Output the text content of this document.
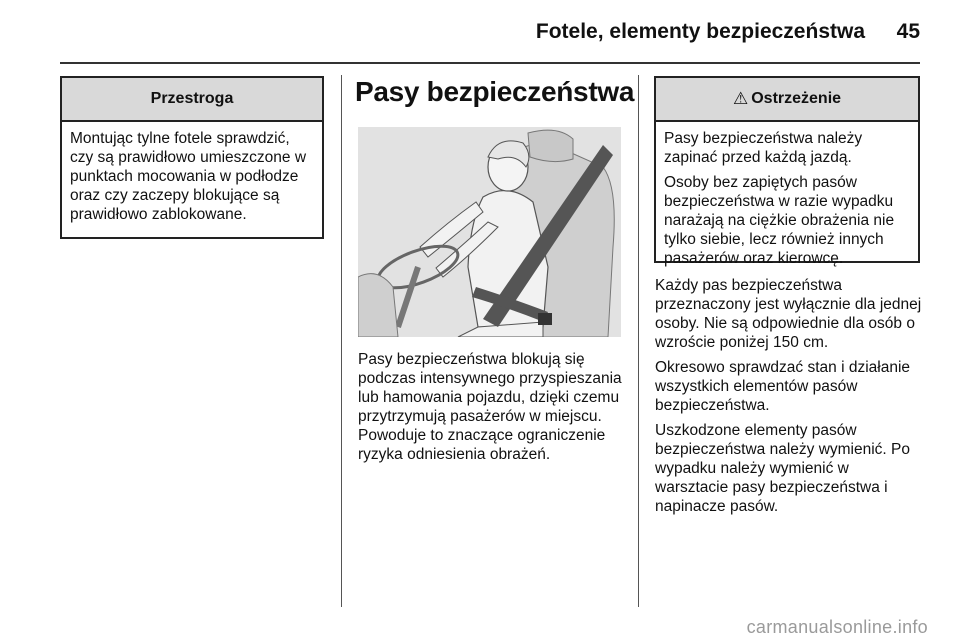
Fotele, elementy bezpieczeństwa	45
Przestroga

Montując tylne fotele sprawdzić, czy są prawidłowo umieszczone w punktach mocowania w podłodze oraz czy zaczepy blokujące są prawidłowo zablokowane.

Pasy bezpieczeństwa

Pasy bezpieczeństwa blokują się podczas intensywnego przyspieszania lub hamowania pojazdu, dzięki czemu przytrzymują pasażerów w miejscu. Powoduje to znaczące ograniczenie ryzyka odniesienia obrażeń.

⚠ Ostrzeżenie

Pasy bezpieczeństwa należy zapinać przed każdą jazdą.

Osoby bez zapiętych pasów bezpieczeństwa w razie wypadku narażają na ciężkie obrażenia nie tylko siebie, lecz również innych pasażerów oraz kierowcę.

Każdy pas bezpieczeństwa przeznaczony jest wyłącznie dla jednej osoby. Nie są odpowiednie dla osób o wzroście poniżej 150 cm.

Okresowo sprawdzać stan i działanie wszystkich elementów pasów bezpieczeństwa.

Uszkodzone elementy pasów bezpieczeństwa należy wymienić. Po wypadku należy wymienić w warsztacie pasy bezpieczeństwa i napinacze pasów.

carmanualsonline.info
